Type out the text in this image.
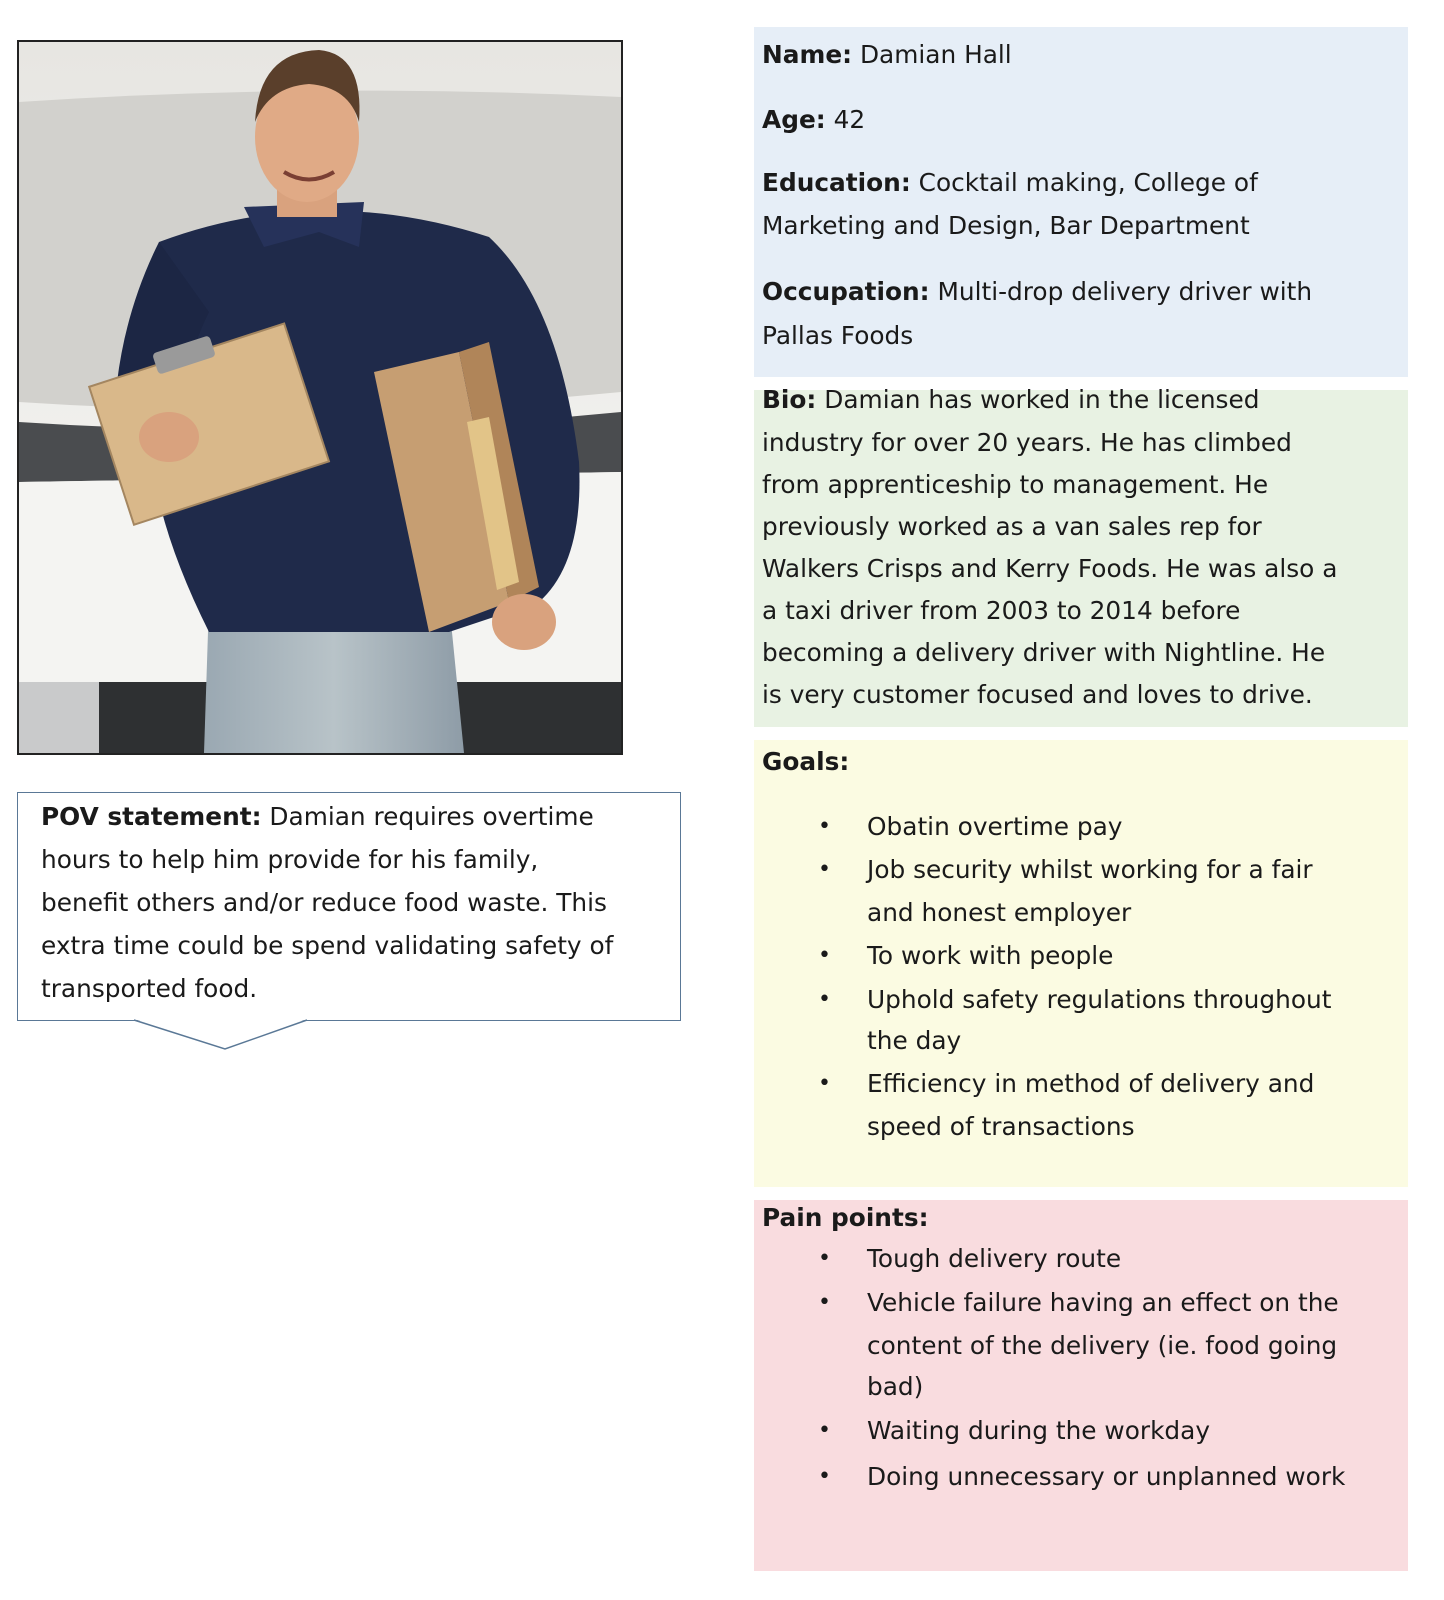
POV statement: Damian requires overtime
hours to help him provide for his family,
benefit others and/or reduce food waste. This
extra time could be spend validating safety of
transported food.
Name: Damian Hall
Age: 42
Education: Cocktail making, College of
Marketing and Design, Bar Department
Occupation: Multi-drop delivery driver with
Pallas Foods
Bio: Damian has worked in the licensed
industry for over 20 years. He has climbed
from apprenticeship to management. He
previously worked as a van sales rep for
Walkers Crisps and Kerry Foods. He was also a
a taxi driver from 2003 to 2014 before
becoming a delivery driver with Nightline. He
is very customer focused and loves to drive.
Goals:
• Obatin overtime pay
• Job security whilst working for a fair
and honest employer
• To work with people
• Uphold safety regulations throughout
the day
• Efficiency in method of delivery and
speed of transactions
Pain points:
• Tough delivery route
• Vehicle failure having an effect on the
content of the delivery (ie. food going
bad)
• Waiting during the workday
• Doing unnecessary or unplanned work
